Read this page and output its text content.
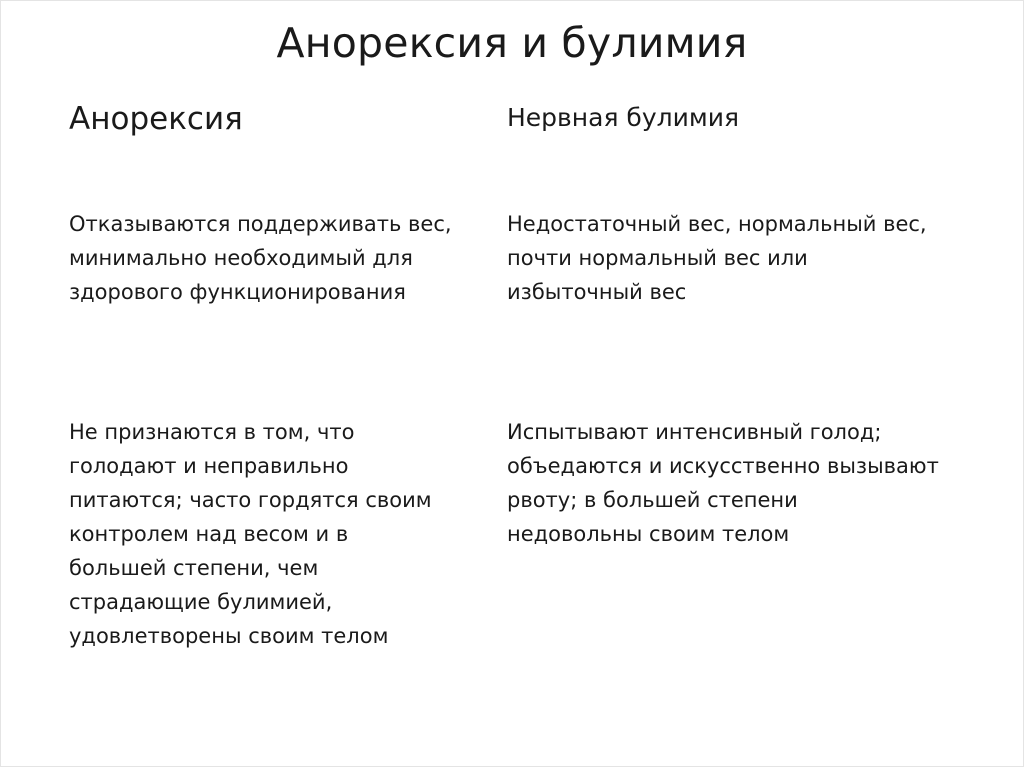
Анорексия и булимия
Анорексия
Отказываются поддерживать вес,
минимально необходимый для
здорового функционирования
Не признаются в том, что
голодают и неправильно
питаются; часто гордятся своим
контролем над весом и в
большей степени, чем
страдающие булимией,
удовлетворены своим телом
Нервная булимия
Недостаточный вес, нормальный вес,
почти нормальный вес или
избыточный вес
Испытывают интенсивный голод;
объедаются и искусственно вызывают
рвоту; в большей степени
недовольны своим телом
